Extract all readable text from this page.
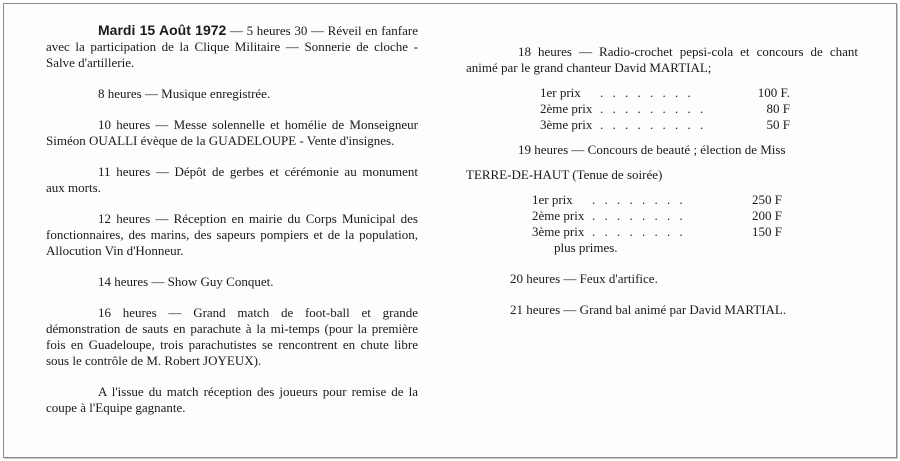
Mardi 15 Août 1972 — 5 heures 30 — Réveil en fanfare avec la participation de la Clique Militaire — Sonnerie de cloche - Salve d'artillerie.

8 heures — Musique enregistrée.

10 heures — Messe solennelle et homélie de Monseigneur Siméon OUALLI évèque de la GUADELOUPE - Vente d'insignes.

11 heures — Dépôt de gerbes et cérémonie au monument aux morts.

12 heures — Réception en mairie du Corps Municipal des fonctionnaires, des marins, des sapeurs pompiers et de la population, Allocution Vin d'Honneur.

14 heures — Show Guy Conquet.

16 heures — Grand match de foot-ball et grande démonstration de sauts en parachute à la mi-temps (pour la première fois en Guadeloupe, trois parachutistes se rencontrent en chute libre sous le contrôle de M. Robert JOYEUX).

A l'issue du match réception des joueurs pour remise de la coupe à l'Equipe gagnante.

18 heures — Radio-crochet pepsi-cola et concours de chant animé par le grand chanteur David MARTIAL;

1er prix	. . . . . . . .	100 F.
2ème prix . . . . . . . . .	80 F
3ème prix . . . . . . . . .	50 F

19 heures — Concours de beauté ; élection de Miss

TERRE-DE-HAUT (Tenue de soirée)

1er prix	. . . . . . . .	250 F
2ème prix . . . . . . . .	200 F
3ème prix . . . . . . . .	150 F

plus primes.

20 heures — Feux d'artifice.

21 heures — Grand bal animé par David MARTIAL.
